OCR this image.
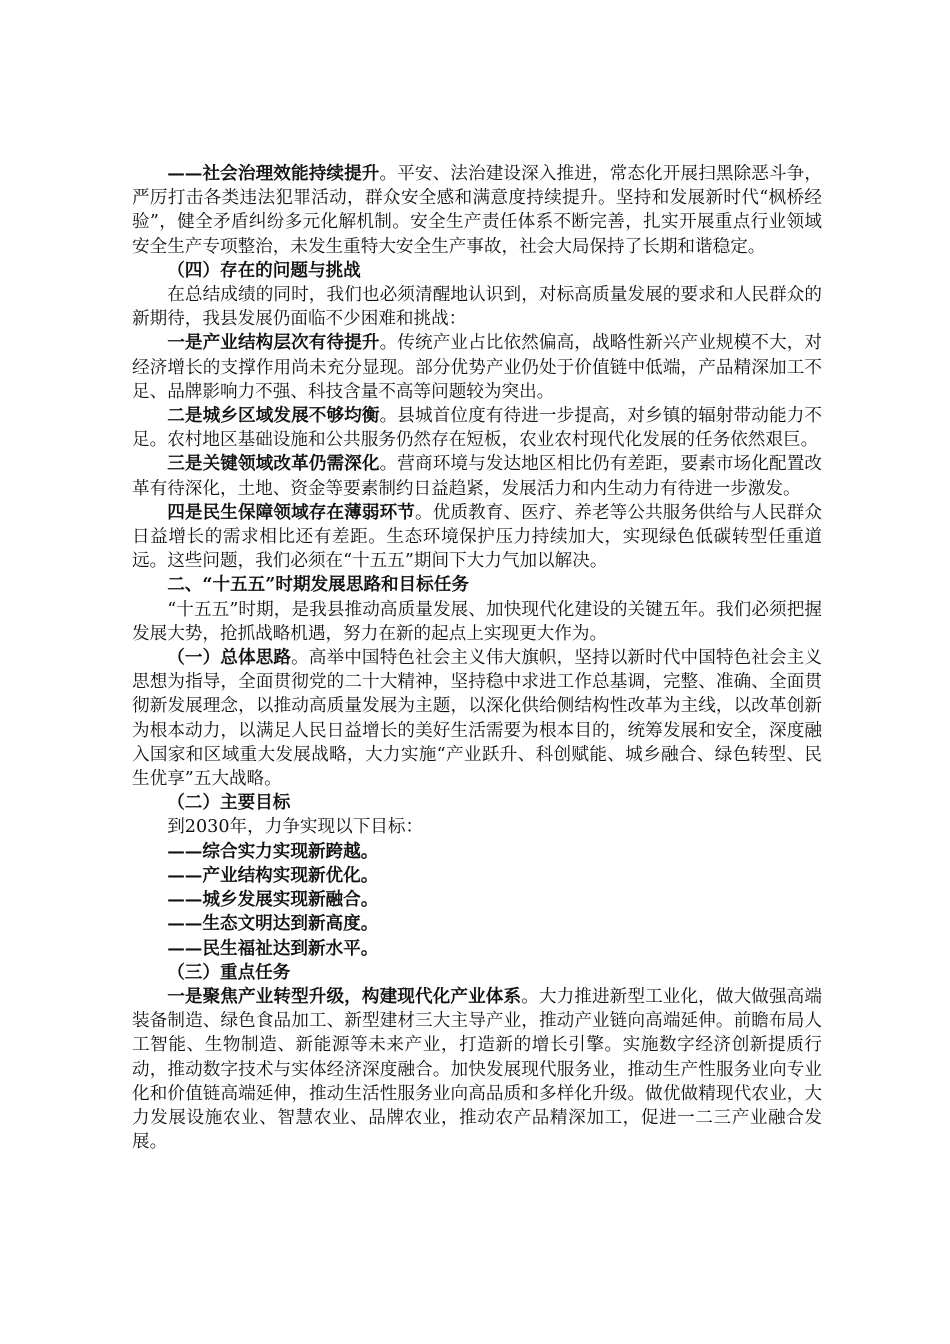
——社会治理效能持续提升。平安、法治建设深入推进，常态化开展扫黑除恶斗争，严厉打击各类违法犯罪活动，群众安全感和满意度持续提升。坚持和发展新时代“枫桥经验”，健全矛盾纠纷多元化解机制。安全生产责任体系不断完善，扎实开展重点行业领域安全生产专项整治，未发生重特大安全生产事故，社会大局保持了长期和谐稳定。

（四）存在的问题与挑战

在总结成绩的同时，我们也必须清醒地认识到，对标高质量发展的要求和人民群众的新期待，我县发展仍面临不少困难和挑战：

一是产业结构层次有待提升。传统产业占比依然偏高，战略性新兴产业规模不大，对经济增长的支撑作用尚未充分显现。部分优势产业仍处于价值链中低端，产品精深加工不足、品牌影响力不强、科技含量不高等问题较为突出。

二是城乡区域发展不够均衡。县城首位度有待进一步提高，对乡镇的辐射带动能力不足。农村地区基础设施和公共服务仍然存在短板，农业农村现代化发展的任务依然艰巨。

三是关键领域改革仍需深化。营商环境与发达地区相比仍有差距，要素市场化配置改革有待深化，土地、资金等要素制约日益趋紧，发展活力和内生动力有待进一步激发。

四是民生保障领域存在薄弱环节。优质教育、医疗、养老等公共服务供给与人民群众日益增长的需求相比还有差距。生态环境保护压力持续加大，实现绿色低碳转型任重道远。这些问题，我们必须在“十五五”期间下大力气加以解决。

二、“十五五”时期发展思路和目标任务

“十五五”时期，是我县推动高质量发展、加快现代化建设的关键五年。我们必须把握发展大势，抢抓战略机遇，努力在新的起点上实现更大作为。

（一）总体思路。高举中国特色社会主义伟大旗帜，坚持以新时代中国特色社会主义思想为指导，全面贯彻党的二十大精神，坚持稳中求进工作总基调，完整、准确、全面贯彻新发展理念，以推动高质量发展为主题，以深化供给侧结构性改革为主线，以改革创新为根本动力，以满足人民日益增长的美好生活需要为根本目的，统筹发展和安全，深度融入国家和区域重大发展战略，大力实施“产业跃升、科创赋能、城乡融合、绿色转型、民生优享”五大战略。

（二）主要目标

到2030年，力争实现以下目标：

——综合实力实现新跨越。

——产业结构实现新优化。

——城乡发展实现新融合。

——生态文明达到新高度。

——民生福祉达到新水平。

（三）重点任务

一是聚焦产业转型升级，构建现代化产业体系。大力推进新型工业化，做大做强高端装备制造、绿色食品加工、新型建材三大主导产业，推动产业链向高端延伸。前瞻布局人工智能、生物制造、新能源等未来产业，打造新的增长引擎。实施数字经济创新提质行动，推动数字技术与实体经济深度融合。加快发展现代服务业，推动生产性服务业向专业化和价值链高端延伸，推动生活性服务业向高品质和多样化升级。做优做精现代农业，大力发展设施农业、智慧农业、品牌农业，推动农产品精深加工，促进一二三产业融合发展。
